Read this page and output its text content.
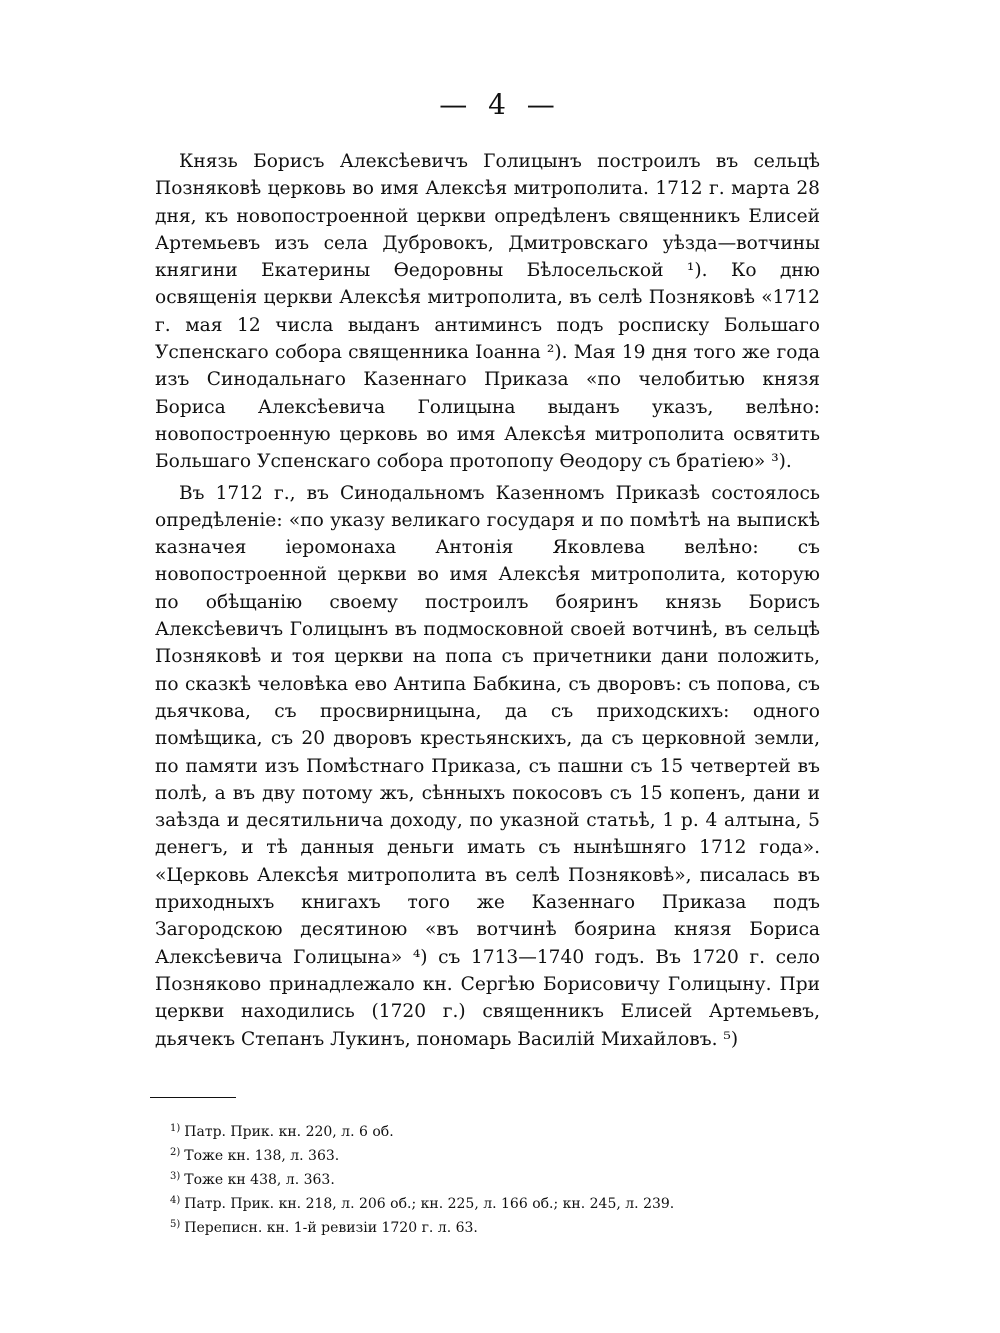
— 4 —

Князь Борисъ Алексѣевичъ Голицынъ построилъ въ сельцѣ Позняковѣ церковь во имя Алексѣя митрополита. 1712 г. марта 28 дня, къ новопостроенной церкви опредѣленъ священникъ Елисей Артемьевъ изъ села Дубровокъ, Дмитровскаго уѣзда—вотчины княгини Екатерины Ѳедоровны Бѣлосельской ¹). Ко дню освященія церкви Алексѣя митрополита, въ селѣ Позняковѣ «1712 г. мая 12 числа выданъ антиминсъ подъ росписку Большаго Успенскаго собора священника Іоанна ²). Мая 19 дня того же года изъ Синодальнаго Казеннаго Приказа «по челобитью князя Бориса Алексѣевича Голицына выданъ указъ, велѣно: новопостроенную церковь во имя Алексѣя митрополита освятить Большаго Успенскаго собора протопопу Ѳеодору съ братіею» ³).

Въ 1712 г., въ Синодальномъ Казенномъ Приказѣ состоялось опредѣленіе: «по указу великаго государя и по помѣтѣ на выпискѣ казначея іеромонаха Антонія Яковлева велѣно: съ новопостроенной церкви во имя Алексѣя митрополита, которую по обѣщанію своему построилъ бояринъ князь Борисъ Алексѣевичъ Голицынъ въ подмосковной своей вотчинѣ, въ сельцѣ Позняковѣ и тоя церкви на попа съ причетники дани положить, по сказкѣ человѣка ево Антипа Бабкина, съ дворовъ: съ попова, съ дьячкова, съ просвирницына, да съ приходскихъ: одного помѣщика, съ 20 дворовъ крестьянскихъ, да съ церковной земли, по памяти изъ Помѣстнаго Приказа, съ пашни съ 15 четвертей въ полѣ, а въ дву потому жъ, сѣнныхъ покосовъ съ 15 копенъ, дани и заѣзда и десятильнича доходу, по указной статьѣ, 1 р. 4 алтына, 5 денегъ, и тѣ данныя деньги имать съ нынѣшняго 1712 года». «Церковь Алексѣя митрополита въ селѣ Позняковѣ», писалась въ приходныхъ книгахъ того же Казеннаго Приказа подъ Загородскою десятиною «въ вотчинѣ боярина князя Бориса Алексѣевича Голицына» ⁴) съ 1713—1740 годъ. Въ 1720 г. село Позняково принадлежало кн. Сергѣю Борисовичу Голицыну. При церкви находились (1720 г.) священникъ Елисей Артемьевъ, дьячекъ Степанъ Лукинъ, пономарь Василій Михайловъ. ⁵)

$^{1)}$ Патр. Прик. кн. 220, л. 6 об.
$^{2)}$ Тоже кн. 138, л. 363.
$^{3)}$ Тоже кн 438, л. 363.
$^{4)}$ Патр. Прик. кн. 218, л. 206 об.; кн. 225, л. 166 об.; кн. 245, л. 239.
$^{5)}$ Переписн. кн. 1-й ревизіи 1720 г. л. 63.
